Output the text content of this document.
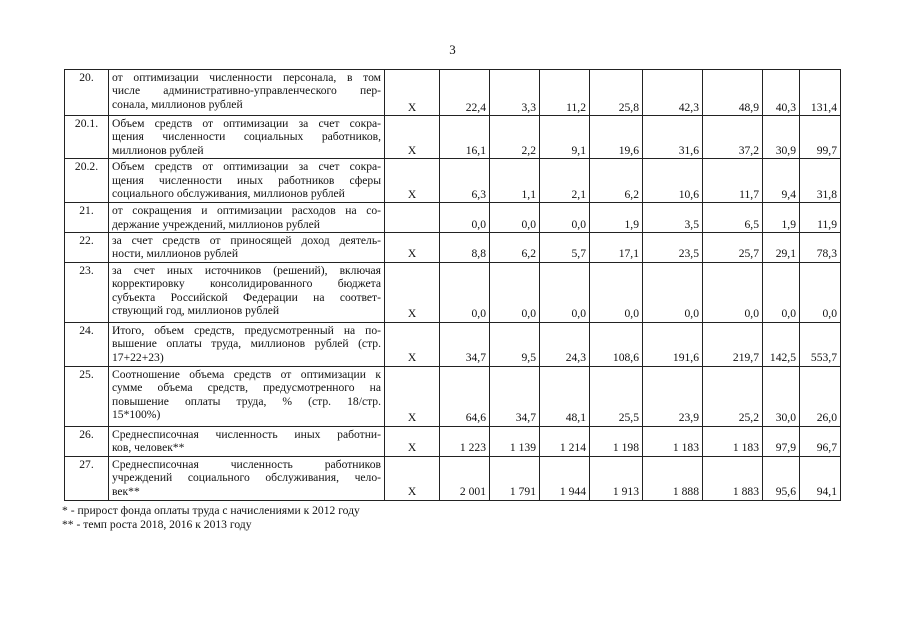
3
20.	от оптимизации численности персонала, в том
числе административно-управленческого пер-
сонала, миллионов рублей	X	22,4	3,3	11,2	25,8	42,3	48,9	40,3	131,4
20.1.	Объем средств от оптимизации за счет сокра-
щения численности социальных работников,
миллионов рублей	X	16,1	2,2	9,1	19,6	31,6	37,2	30,9	99,7
20.2.	Объем средств от оптимизации за счет сокра-
щения численности иных работников сферы
социального обслуживания, миллионов рублей	X	6,3	1,1	2,1	6,2	10,6	11,7	9,4	31,8
21.	от сокращения и оптимизации расходов на со-
держание учреждений, миллионов рублей		0,0	0,0	0,0	1,9	3,5	6,5	1,9	11,9
22.	за счет средств от приносящей доход деятель-
ности, миллионов рублей	X	8,8	6,2	5,7	17,1	23,5	25,7	29,1	78,3
23.	за счет иных источников (решений), включая
корректировку консолидированного бюджета
субъекта Российской Федерации на соответ-
ствующий год, миллионов рублей	X	0,0	0,0	0,0	0,0	0,0	0,0	0,0	0,0
24.	Итого, объем средств, предусмотренный на по-
вышение оплаты труда, миллионов рублей (стр.
17+22+23)	X	34,7	9,5	24,3	108,6	191,6	219,7	142,5	553,7
25.	Соотношение объема средств от оптимизации к
сумме объема средств, предусмотренного на
повышение оплаты труда, % (стр. 18/стр.
15*100%)	X	64,6	34,7	48,1	25,5	23,9	25,2	30,0	26,0
26.	Среднесписочная численность иных работни-
ков, человек**	X	1 223	1 139	1 214	1 198	1 183	1 183	97,9	96,7
27.	Среднесписочная численность работников
учреждений социального обслуживания, чело-
век**	X	2 001	1 791	1 944	1 913	1 888	1 883	95,6	94,1
* - прирост фонда оплаты труда с начислениями к 2012 году
** - темп роста 2018, 2016 к 2013 году
